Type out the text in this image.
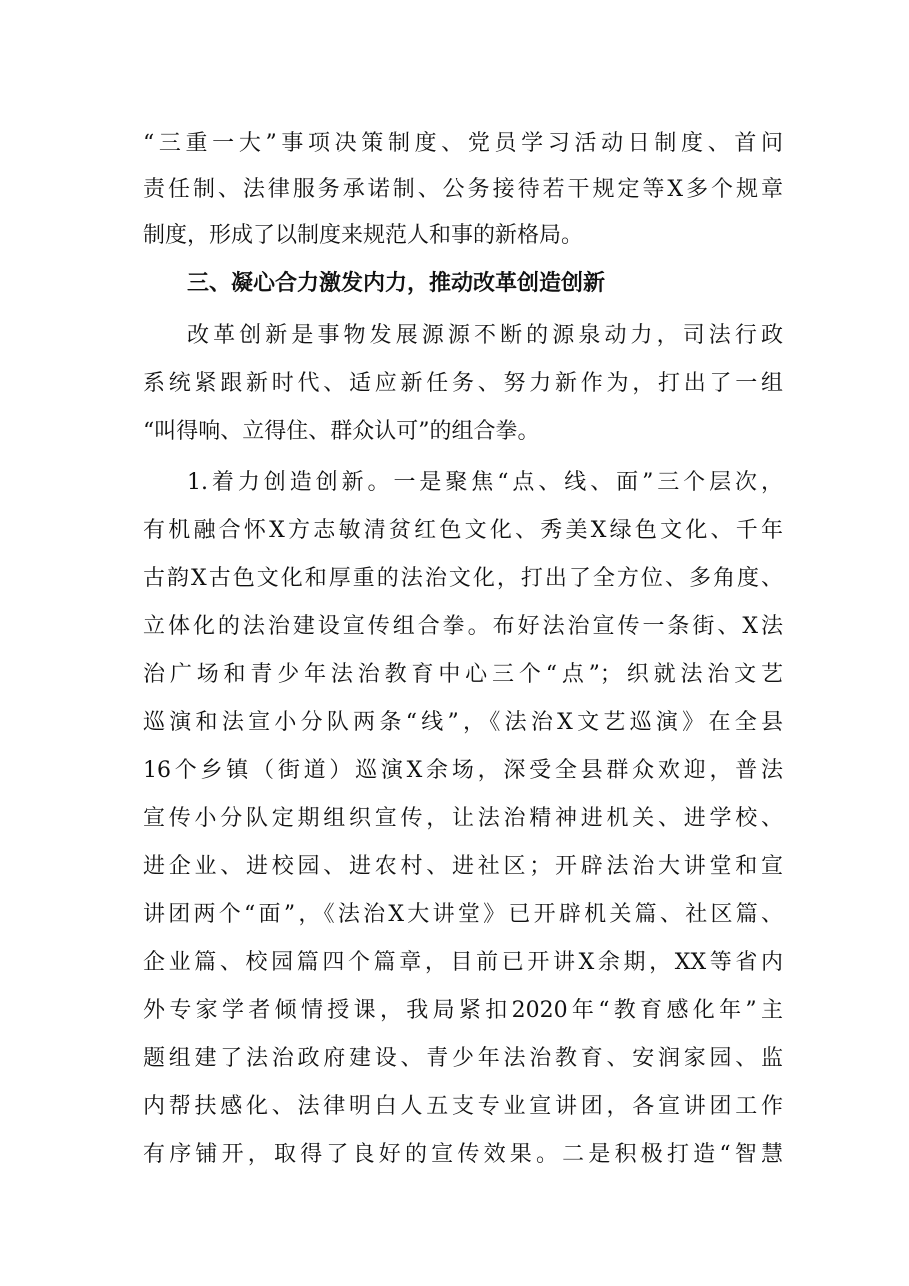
“三重一大”事项决策制度、党员学习活动日制度、首问
责任制、法律服务承诺制、公务接待若干规定等X多个规章
制度，形成了以制度来规范人和事的新格局。
三、凝心合力激发内力，推动改革创造创新
改革创新是事物发展源源不断的源泉动力，司法行政
系统紧跟新时代、适应新任务、努力新作为，打出了一组
“叫得响、立得住、群众认可”的组合拳。
1.着力创造创新。一是聚焦“点、线、面”三个层次，
有机融合怀X方志敏清贫红色文化、秀美X绿色文化、千年
古韵X古色文化和厚重的法治文化，打出了全方位、多角度、
立体化的法治建设宣传组合拳。布好法治宣传一条街、X法
治广场和青少年法治教育中心三个“点”；织就法治文艺
巡演和法宣小分队两条“线”，《法治X文艺巡演》在全县
16个乡镇（街道）巡演X余场，深受全县群众欢迎，普法
宣传小分队定期组织宣传，让法治精神进机关、进学校、
进企业、进校园、进农村、进社区；开辟法治大讲堂和宣
讲团两个“面”，《法治X大讲堂》已开辟机关篇、社区篇、
企业篇、校园篇四个篇章，目前已开讲X余期，XX等省内
外专家学者倾情授课，我局紧扣2020年“教育感化年”主
题组建了法治政府建设、青少年法治教育、安润家园、监
内帮扶感化、法律明白人五支专业宣讲团，各宣讲团工作
有序铺开，取得了良好的宣传效果。二是积极打造“智慧
